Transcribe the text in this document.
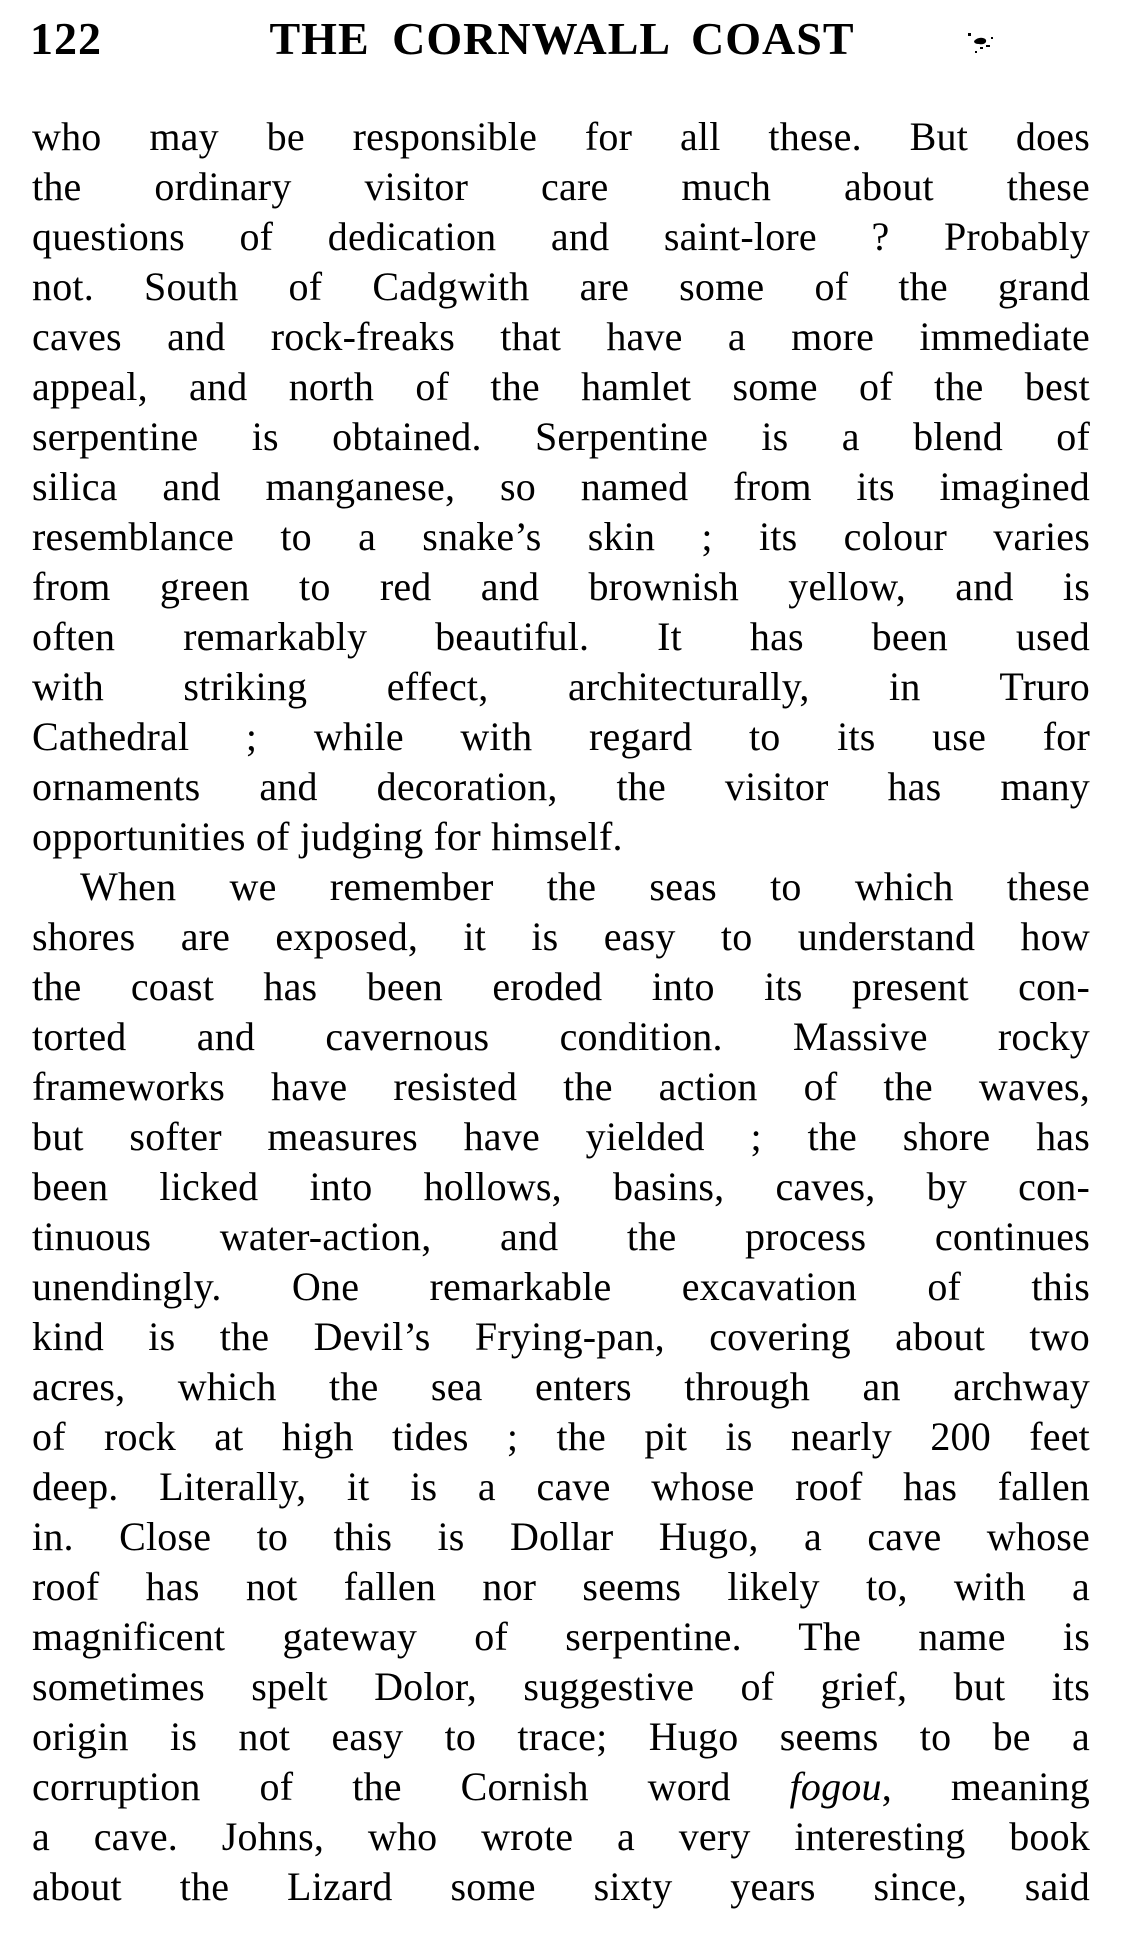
122	THE CORNWALL COAST
who may be responsible for all these. But does
the ordinary visitor care much about these
questions of dedication and saint-lore ? Probably
not. South of Cadgwith are some of the grand
caves and rock-freaks that have a more immediate
appeal, and north of the hamlet some of the best
serpentine is obtained. Serpentine is a blend of
silica and manganese, so named from its imagined
resemblance to a snake’s skin ; its colour varies
from green to red and brownish yellow, and is
often remarkably beautiful. It has been used
with striking effect, architecturally, in Truro
Cathedral ; while with regard to its use for
ornaments and decoration, the visitor has many
opportunities of judging for himself.
When we remember the seas to which these
shores are exposed, it is easy to understand how
the coast has been eroded into its present con-
torted and cavernous condition. Massive rocky
frameworks have resisted the action of the waves,
but softer measures have yielded ; the shore has
been licked into hollows, basins, caves, by con-
tinuous water-action, and the process continues
unendingly. One remarkable excavation of this
kind is the Devil’s Frying-pan, covering about two
acres, which the sea enters through an archway
of rock at high tides ; the pit is nearly 200 feet
deep. Literally, it is a cave whose roof has fallen
in. Close to this is Dollar Hugo, a cave whose
roof has not fallen nor seems likely to, with a
magnificent gateway of serpentine. The name is
sometimes spelt Dolor, suggestive of grief, but its
origin is not easy to trace; Hugo seems to be a
corruption of the Cornish word fogou, meaning
a cave. Johns, who wrote a very interesting book
about the Lizard some sixty years since, said
